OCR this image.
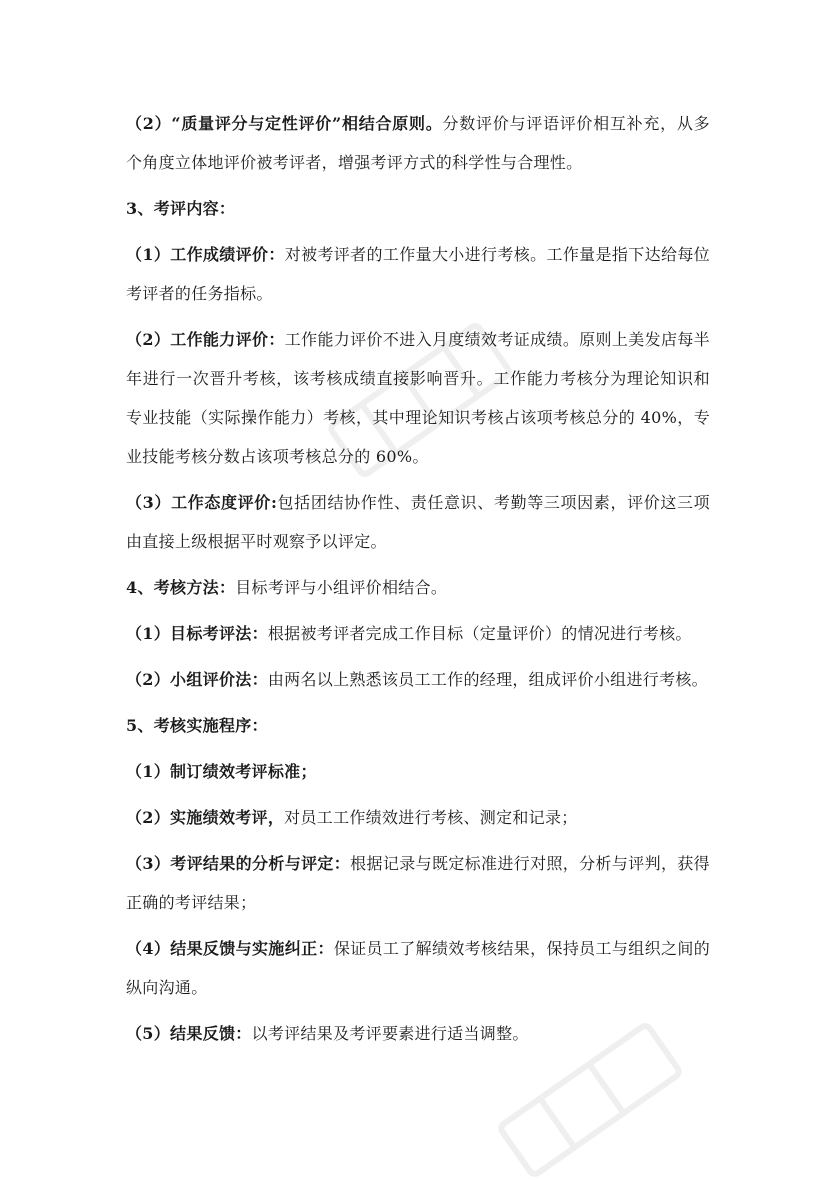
（2）“质量评分与定性评价”相结合原则。分数评价与评语评价相互补充，从多个角度立体地评价被考评者，增强考评方式的科学性与合理性。

3、考评内容：

（1）工作成绩评价：对被考评者的工作量大小进行考核。工作量是指下达给每位考评者的任务指标。

（2）工作能力评价：工作能力评价不进入月度绩效考证成绩。原则上美发店每半年进行一次晋升考核，该考核成绩直接影响晋升。工作能力考核分为理论知识和专业技能（实际操作能力）考核，其中理论知识考核占该项考核总分的 40%，专业技能考核分数占该项考核总分的 60%。

（3）工作态度评价:包括团结协作性、责任意识、考勤等三项因素，评价这三项由直接上级根据平时观察予以评定。

4、考核方法：目标考评与小组评价相结合。

（1）目标考评法：根据被考评者完成工作目标（定量评价）的情况进行考核。

（2）小组评价法：由两名以上熟悉该员工工作的经理，组成评价小组进行考核。

5、考核实施程序：

（1）制订绩效考评标准；

（2）实施绩效考评，对员工工作绩效进行考核、测定和记录；

（3）考评结果的分析与评定：根据记录与既定标准进行对照，分析与评判，获得正确的考评结果；

（4）结果反馈与实施纠正：保证员工了解绩效考核结果，保持员工与组织之间的纵向沟通。

（5）结果反馈：以考评结果及考评要素进行适当调整。
